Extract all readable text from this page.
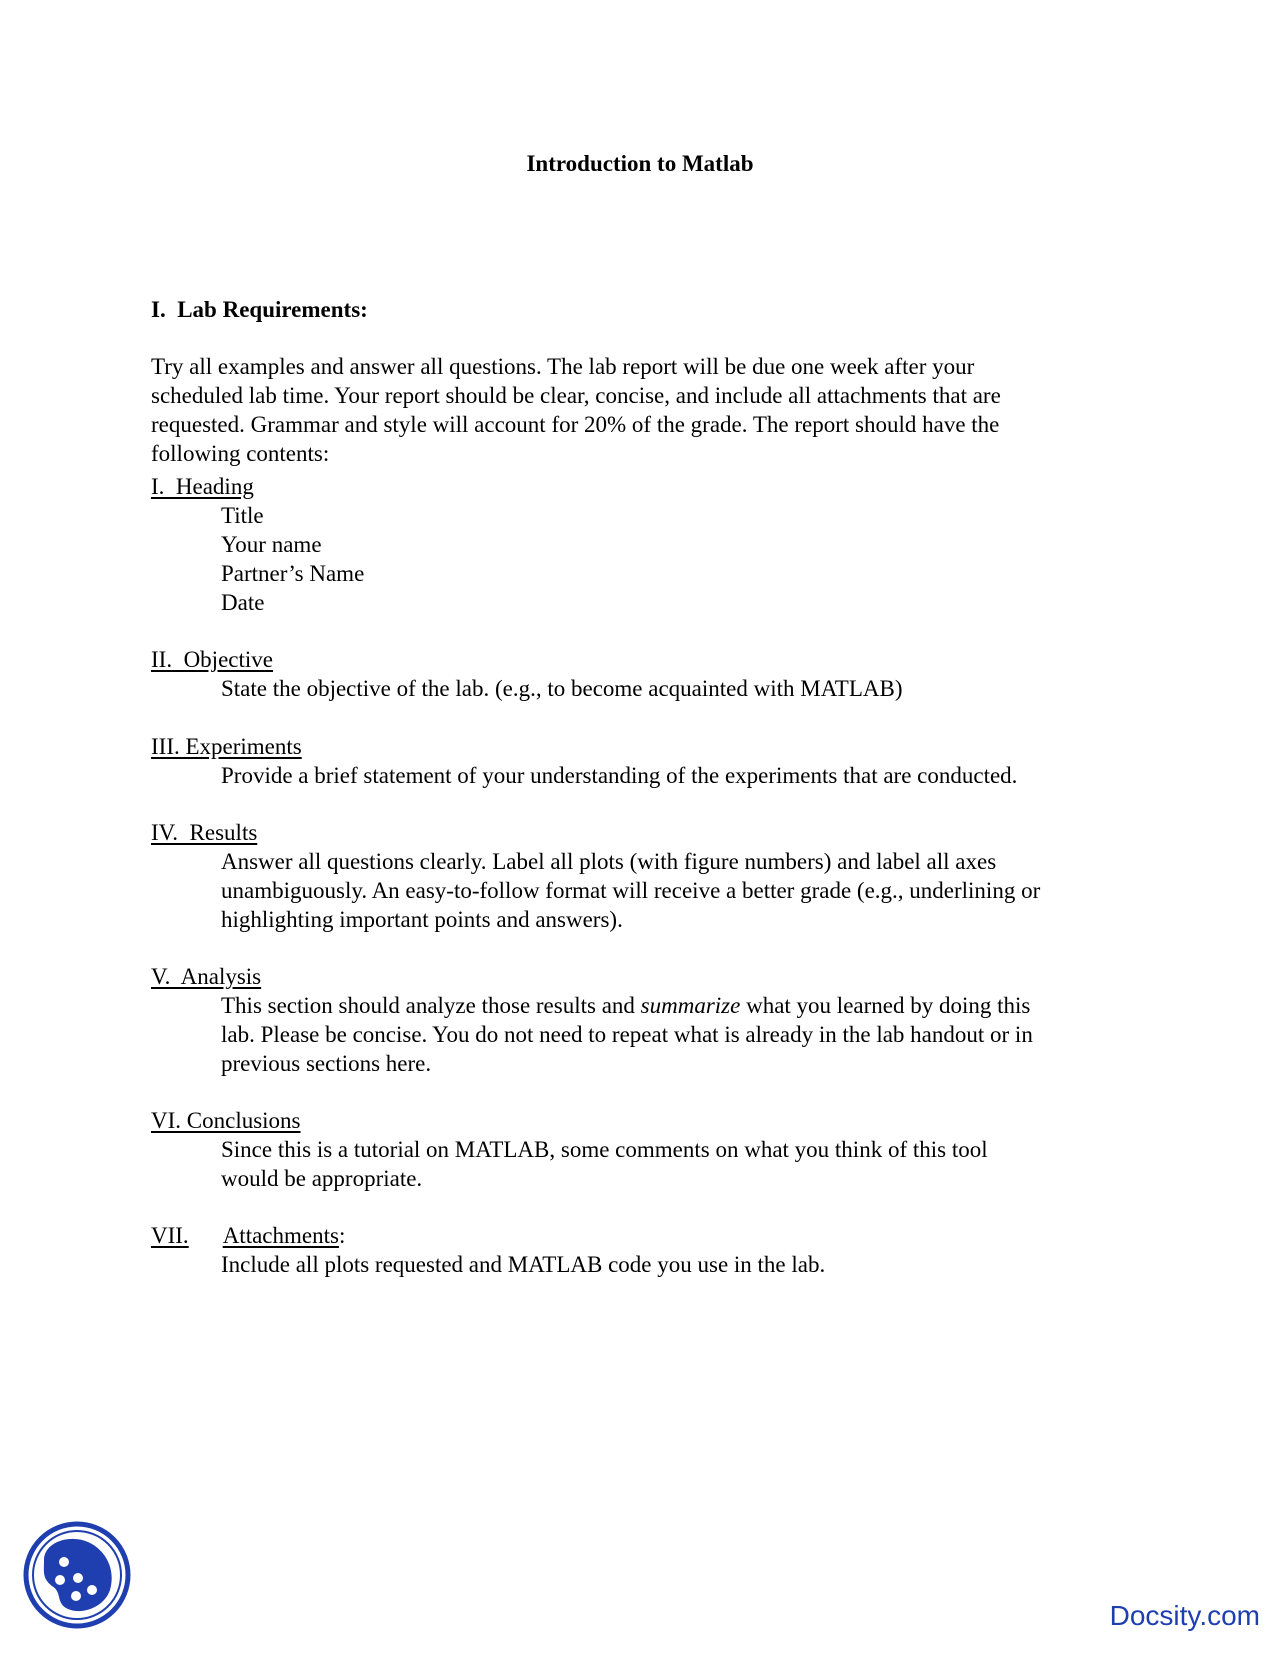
Introduction to Matlab
I.  Lab Requirements:
Try all examples and answer all questions. The lab report will be due one week after your
scheduled lab time. Your report should be clear, concise, and include all attachments that are
requested. Grammar and style will account for 20% of the grade. The report should have the
following contents:
I.  Heading
Title
Your name
Partner’s Name
Date
II.  Objective
State the objective of the lab. (e.g., to become acquainted with MATLAB)
III. Experiments
Provide a brief statement of your understanding of the experiments that are conducted.
IV.  Results
Answer all questions clearly. Label all plots (with figure numbers) and label all axes
unambiguously. An easy-to-follow format will receive a better grade (e.g., underlining or
highlighting important points and answers).
V.  Analysis
This section should analyze those results and summarize what you learned by doing this
lab. Please be concise. You do not need to repeat what is already in the lab handout or in
previous sections here.
VI. Conclusions
Since this is a tutorial on MATLAB, some comments on what you think of this tool
would be appropriate.
VII. Attachments:
Include all plots requested and MATLAB code you use in the lab.
Docsity.com
